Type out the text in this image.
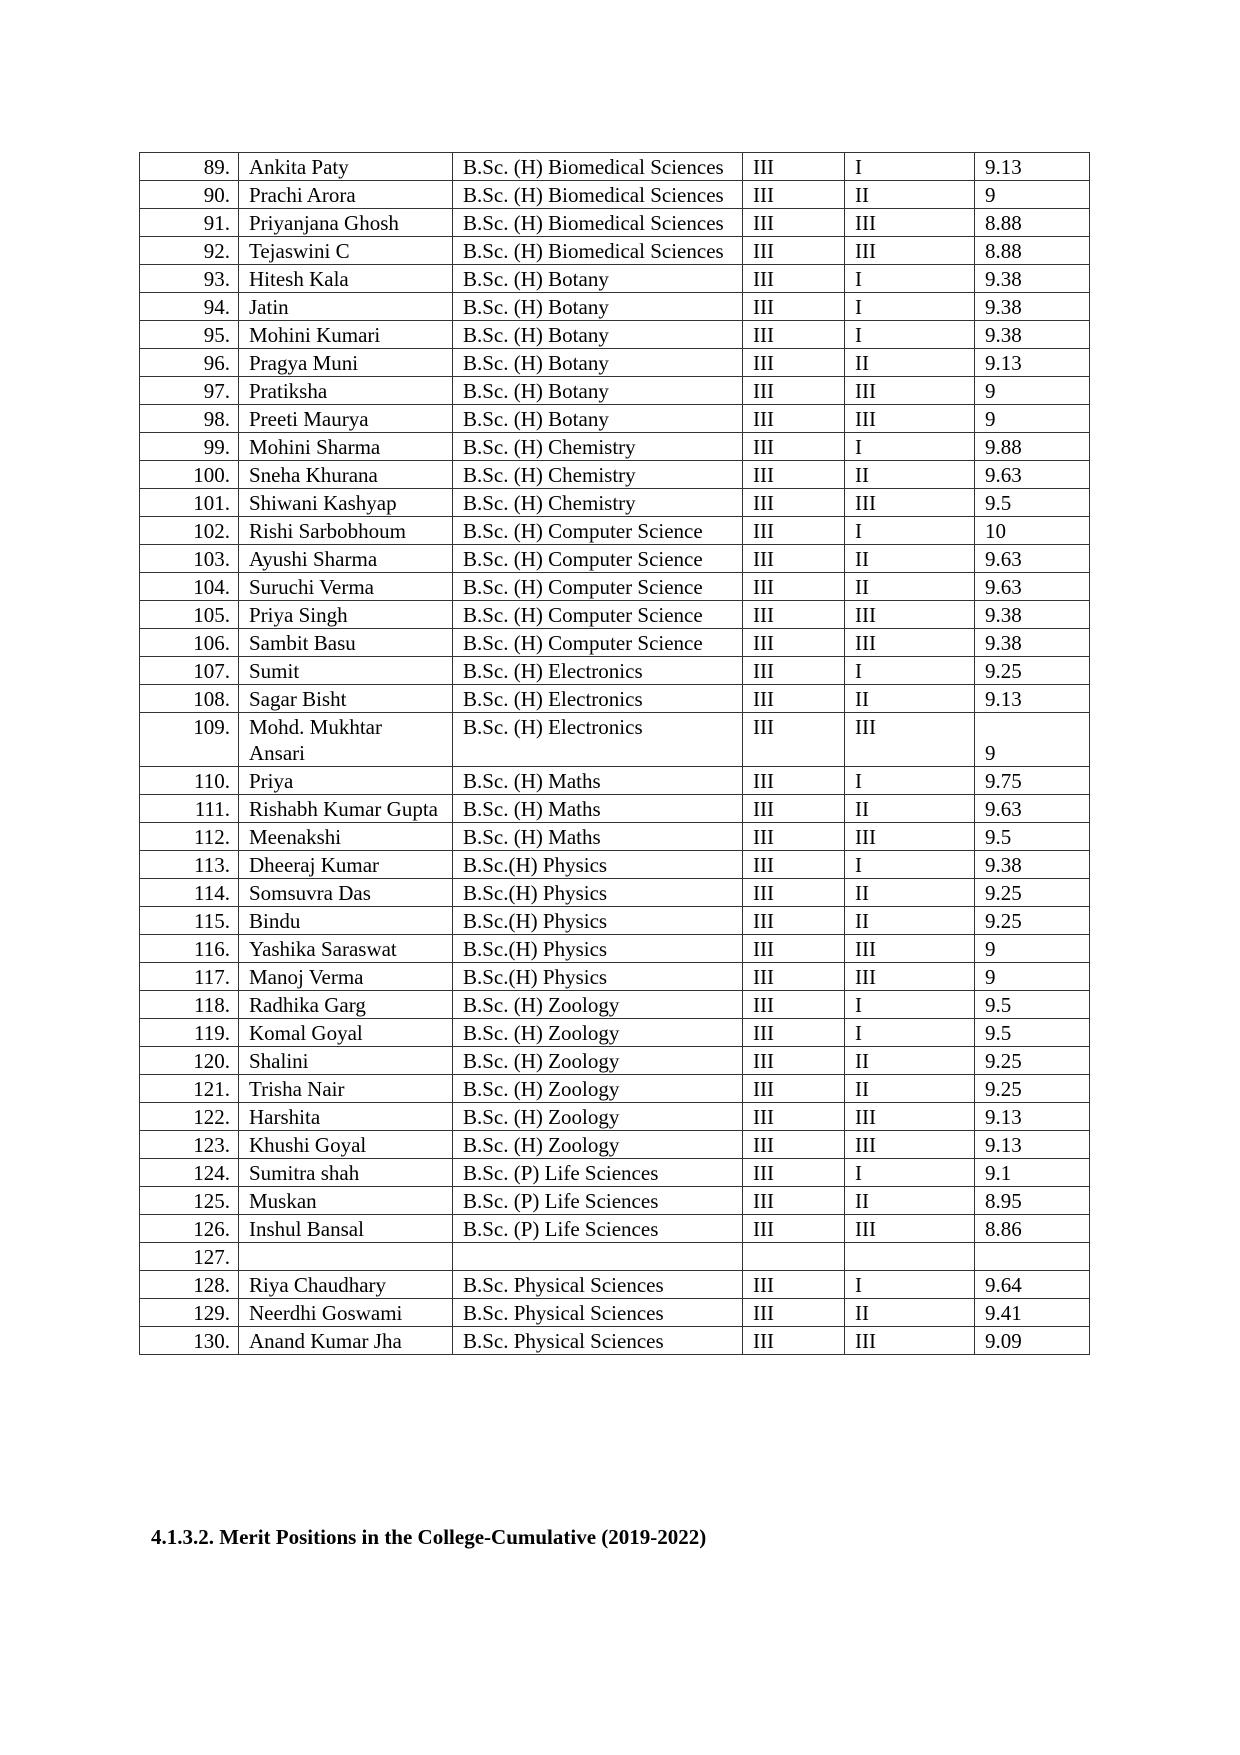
89.	Ankita Paty	B.Sc. (H) Biomedical Sciences	III	I	9.13
90.	Prachi Arora	B.Sc. (H) Biomedical Sciences	III	II	9
91.	Priyanjana Ghosh	B.Sc. (H) Biomedical Sciences	III	III	8.88
92.	Tejaswini C	B.Sc. (H) Biomedical Sciences	III	III	8.88
93.	Hitesh Kala	B.Sc. (H) Botany	III	I	9.38
94.	Jatin	B.Sc. (H) Botany	III	I	9.38
95.	Mohini Kumari	B.Sc. (H) Botany	III	I	9.38
96.	Pragya Muni	B.Sc. (H) Botany	III	II	9.13
97.	Pratiksha	B.Sc. (H) Botany	III	III	9
98.	Preeti Maurya	B.Sc. (H) Botany	III	III	9
99.	Mohini Sharma	B.Sc. (H) Chemistry	III	I	9.88
100.	Sneha Khurana	B.Sc. (H) Chemistry	III	II	9.63
101.	Shiwani Kashyap	B.Sc. (H) Chemistry	III	III	9.5
102.	Rishi Sarbobhoum	B.Sc. (H) Computer Science	III	I	10
103.	Ayushi Sharma	B.Sc. (H) Computer Science	III	II	9.63
104.	Suruchi Verma	B.Sc. (H) Computer Science	III	II	9.63
105.	Priya Singh	B.Sc. (H) Computer Science	III	III	9.38
106.	Sambit Basu	B.Sc. (H) Computer Science	III	III	9.38
107.	Sumit	B.Sc. (H) Electronics	III	I	9.25
108.	Sagar Bisht	B.Sc. (H) Electronics	III	II	9.13
109.	Mohd. Mukhtar Ansari	B.Sc. (H) Electronics	III	III	9
110.	Priya	B.Sc. (H) Maths	III	I	9.75
111.	Rishabh Kumar Gupta	B.Sc. (H) Maths	III	II	9.63
112.	Meenakshi	B.Sc. (H) Maths	III	III	9.5
113.	Dheeraj Kumar	B.Sc.(H) Physics	III	I	9.38
114.	Somsuvra Das	B.Sc.(H) Physics	III	II	9.25
115.	Bindu	B.Sc.(H) Physics	III	II	9.25
116.	Yashika Saraswat	B.Sc.(H) Physics	III	III	9
117.	Manoj Verma	B.Sc.(H) Physics	III	III	9
118.	Radhika Garg	B.Sc. (H) Zoology	III	I	9.5
119.	Komal Goyal	B.Sc. (H) Zoology	III	I	9.5
120.	Shalini	B.Sc. (H) Zoology	III	II	9.25
121.	Trisha Nair	B.Sc. (H) Zoology	III	II	9.25
122.	Harshita	B.Sc. (H) Zoology	III	III	9.13
123.	Khushi Goyal	B.Sc. (H) Zoology	III	III	9.13
124.	Sumitra shah	B.Sc. (P) Life Sciences	III	I	9.1
125.	Muskan	B.Sc. (P) Life Sciences	III	II	8.95
126.	Inshul Bansal	B.Sc. (P) Life Sciences	III	III	8.86
127.					
128.	Riya Chaudhary	B.Sc. Physical Sciences	III	I	9.64
129.	Neerdhi Goswami	B.Sc. Physical Sciences	III	II	9.41
130.	Anand Kumar Jha	B.Sc. Physical Sciences	III	III	9.09
4.1.3.2. Merit Positions in the College-Cumulative (2019-2022)
